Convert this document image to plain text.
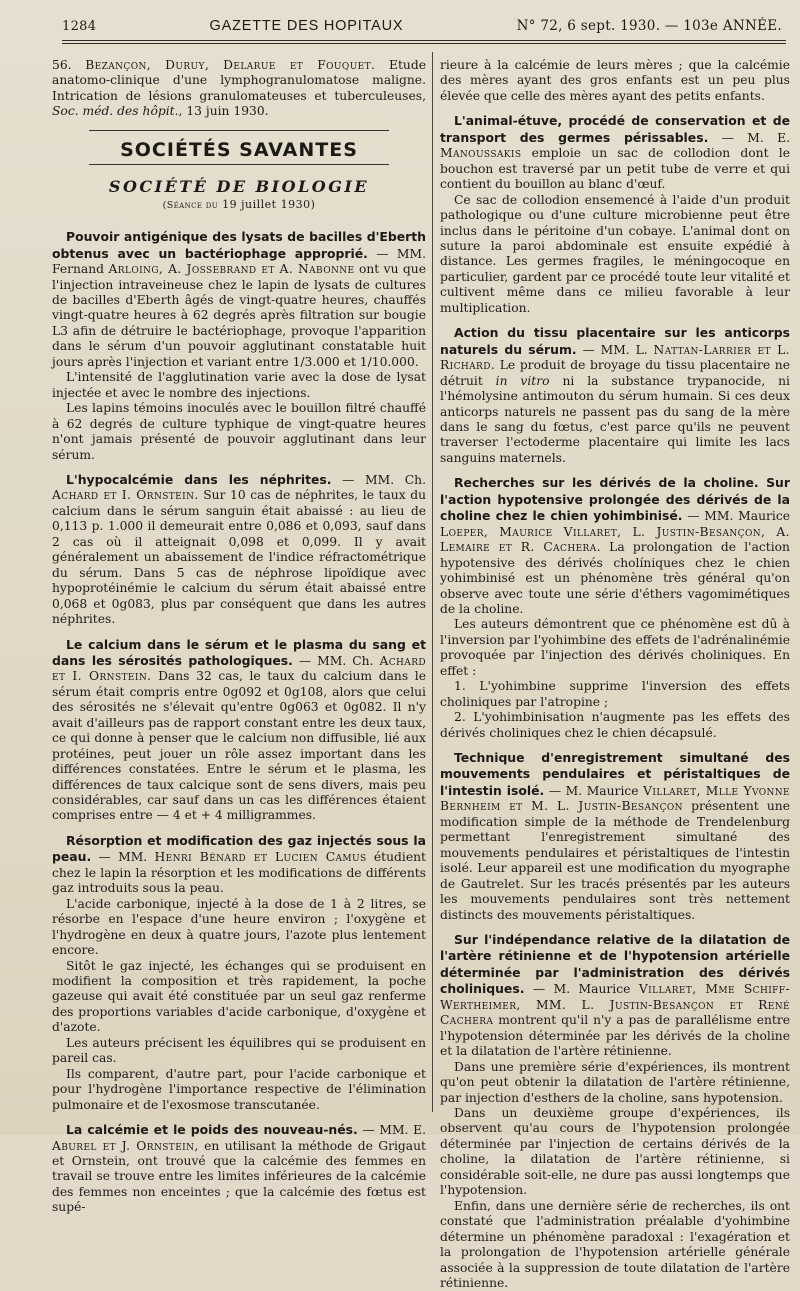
1284	GAZETTE DES HOPITAUX	N° 72, 6 sept. 1930. — 103e ANNÉE.

56. Bezançon, Duruy, Delarue et Fouquet. Etude anatomo-clinique d'une lymphogranulomatose maligne. Intrication de lésions granulomateuses et tuberculeuses, Soc. méd. des hôpit., 13 juin 1930.

SOCIÉTÉS SAVANTES
SOCIÉTÉ DE BIOLOGIE
(Séance du 19 juillet 1930)

Pouvoir antigénique des lysats de bacilles d'Eberth obtenus avec un bactériophage approprié. — MM. Fernand Arloing, A. Jossebrand et A. Nabonne ont vu que l'injection intraveineuse chez le lapin de lysats de cultures de bacilles d'Eberth âgés de vingt-quatre heures, chauffés vingt-quatre heures à 62 degrés après filtration sur bougie L3 afin de détruire le bactériophage, provoque l'apparition dans le sérum d'un pouvoir agglutinant constatable huit jours après l'injection et variant entre 1/3.000 et 1/10.000.

L'intensité de l'agglutination varie avec la dose de lysat injectée et avec le nombre des injections.

Les lapins témoins inoculés avec le bouillon filtré chauffé à 62 degrés de culture typhique de vingt-quatre heures n'ont jamais présenté de pouvoir agglutinant dans leur sérum.

L'hypocalcémie dans les néphrites. — MM. Ch. Achard et I. Ornstein. Sur 10 cas de néphrites, le taux du calcium dans le sérum sanguin était abaissé : au lieu de 0,113 p. 1.000 il demeurait entre 0,086 et 0,093, sauf dans 2 cas où il atteignait 0,098 et 0,099. Il y avait généralement un abaissement de l'indice réfractométrique du sérum. Dans 5 cas de néphrose lipoïdique avec hypoprotéinémie le calcium du sérum était abaissé entre 0,068 et 0g083, plus par conséquent que dans les autres néphrites.

Le calcium dans le sérum et le plasma du sang et dans les sérosités pathologiques. — MM. Ch. Achard et I. Ornstein. Dans 32 cas, le taux du calcium dans le sérum était compris entre 0g092 et 0g108, alors que celui des sérosités ne s'élevait qu'entre 0g063 et 0g082. Il n'y avait d'ailleurs pas de rapport constant entre les deux taux, ce qui donne à penser que le calcium non diffusible, lié aux protéines, peut jouer un rôle assez important dans les différences constatées. Entre le sérum et le plasma, les différences de taux calcique sont de sens divers, mais peu considérables, car sauf dans un cas les différences étaient comprises entre — 4 et + 4 milligrammes.

Résorption et modification des gaz injectés sous la peau. — MM. Henri Bénard et Lucien Camus étudient chez le lapin la résorption et les modifications de différents gaz introduits sous la peau.

L'acide carbonique, injecté à la dose de 1 à 2 litres, se résorbe en l'espace d'une heure environ ; l'oxygène et l'hydrogène en deux à quatre jours, l'azote plus lentement encore.

Sitôt le gaz injecté, les échanges qui se produisent en modifient la composition et très rapidement, la poche gazeuse qui avait été constituée par un seul gaz renferme des proportions variables d'acide carbonique, d'oxygène et d'azote.

Les auteurs précisent les équilibres qui se produisent en pareil cas.

Ils comparent, d'autre part, pour l'acide carbonique et pour l'hydrogène l'importance respective de l'élimination pulmonaire et de l'exosmose transcutanée.

La calcémie et le poids des nouveau-nés. — MM. E. Aburel et J. Ornstein, en utilisant la méthode de Grigaut et Ornstein, ont trouvé que la calcémie des femmes en travail se trouve entre les limites inférieures de la calcémie des femmes non enceintes ; que la calcémie des fœtus est supé-

rieure à la calcémie de leurs mères ; que la calcémie des mères ayant des gros enfants est un peu plus élevée que celle des mères ayant des petits enfants.

L'animal-étuve, procédé de conservation et de transport des germes périssables. — M. E. Manoussakis emploie un sac de collodion dont le bouchon est traversé par un petit tube de verre et qui contient du bouillon au blanc d'œuf.

Ce sac de collodion ensemencé à l'aide d'un produit pathologique ou d'une culture microbienne peut être inclus dans le péritoine d'un cobaye. L'animal dont on suture la paroi abdominale est ensuite expédié à distance. Les germes fragiles, le méningocoque en particulier, gardent par ce procédé toute leur vitalité et cultivent même dans ce milieu favorable à leur multiplication.

Action du tissu placentaire sur les anticorps naturels du sérum. — MM. L. Nattan-Larrier et L. Richard. Le produit de broyage du tissu placentaire ne détruit in vitro ni la substance trypanocide, ni l'hémolysine antimouton du sérum humain. Si ces deux anticorps naturels ne passent pas du sang de la mère dans le sang du fœtus, c'est parce qu'ils ne peuvent traverser l'ectoderme placentaire qui limite les lacs sanguins maternels.

Recherches sur les dérivés de la choline. Sur l'action hypotensive prolongée des dérivés de la choline chez le chien yohimbinisé. — MM. Maurice Loeper, Maurice Villaret, L. Justin-Besançon, A. Lemaire et R. Cachera. La prolongation de l'action hypotensive des dérivés cholíniques chez le chien yohimbinisé est un phénomène très général qu'on observe avec toute une série d'éthers vagomimétiques de la choline.

Les auteurs démontrent que ce phénomène est dû à l'inversion par l'yohimbine des effets de l'adrénalinémie provoquée par l'injection des dérivés choliniques. En effet :

1. L'yohimbine supprime l'inversion des effets choliniques par l'atropine ;

2. L'yohimbinisation n'augmente pas les effets des dérivés choliniques chez le chien décapsulé.

Technique d'enregistrement simultané des mouvements pendulaires et péristaltiques de l'intestin isolé. — M. Maurice Villaret, Mlle Yvonne Bernheim et M. L. Justin-Besançon présentent une modification simple de la méthode de Trendelenburg permettant l'enregistrement simultané des mouvements pendulaires et péristaltiques de l'intestin isolé. Leur appareil est une modification du myographe de Gautrelet. Sur les tracés présentés par les auteurs les mouvements pendulaires sont très nettement distincts des mouvements péristaltiques.

Sur l'indépendance relative de la dilatation de l'artère rétinienne et de l'hypotension artérielle déterminée par l'administration des dérivés choliniques. — M. Maurice Villaret, Mme Schiff-Wertheimer, MM. L. Justin-Besançon et René Cachera montrent qu'il n'y a pas de parallélisme entre l'hypotension déterminée par les dérivés de la choline et la dilatation de l'artère rétinienne.

Dans une première série d'expériences, ils montrent qu'on peut obtenir la dilatation de l'artère rétinienne, par injection d'esthers de la choline, sans hypotension.

Dans un deuxième groupe d'expériences, ils observent qu'au cours de l'hypotension prolongée déterminée par l'injection de certains dérivés de la choline, la dilatation de l'artère rétinienne, si considérable soit-elle, ne dure pas aussi longtemps que l'hypotension.

Enfin, dans une dernière série de recherches, ils ont constaté que l'administration préalable d'yohimbine détermine un phénomène paradoxal : l'exagération et la prolongation de l'hypotension artérielle générale associée à la suppression de toute dilatation de l'artère rétinienne.
